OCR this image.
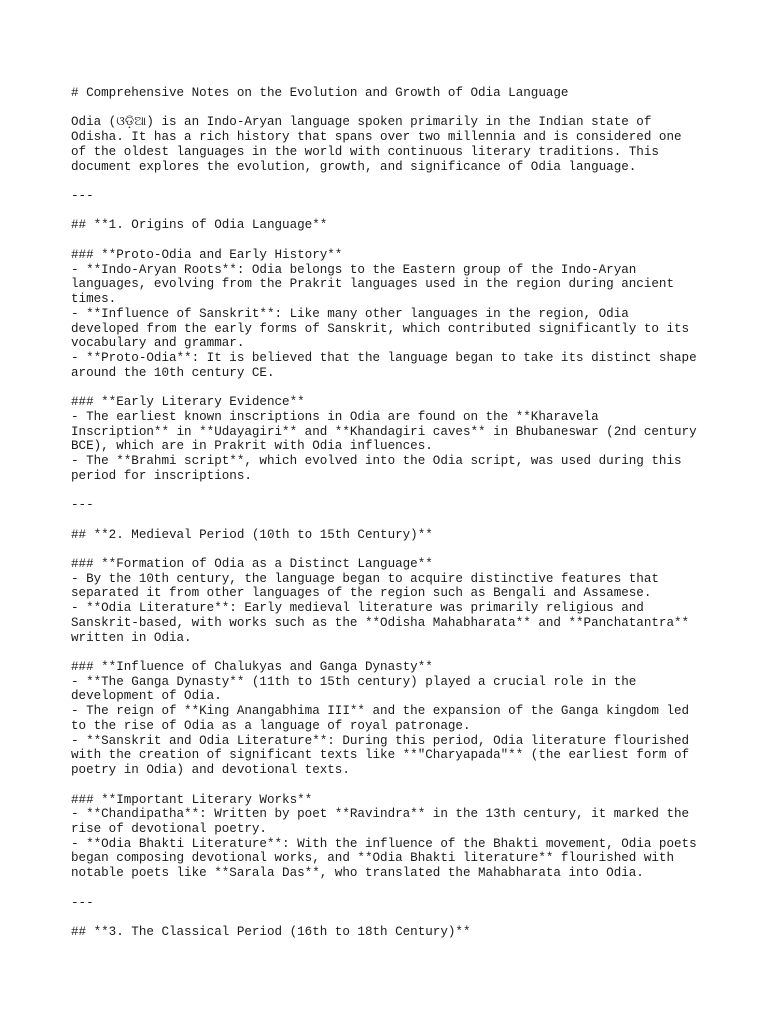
# Comprehensive Notes on the Evolution and Growth of Odia Language
Odia (ଓଡ଼ିଆ) is an Indo-Aryan language spoken primarily in the Indian state of
Odisha. It has a rich history that spans over two millennia and is considered one
of the oldest languages in the world with continuous literary traditions. This
document explores the evolution, growth, and significance of Odia language.
---
## **1. Origins of Odia Language**
### **Proto-Odia and Early History**
- **Indo-Aryan Roots**: Odia belongs to the Eastern group of the Indo-Aryan
languages, evolving from the Prakrit languages used in the region during ancient
times.
- **Influence of Sanskrit**: Like many other languages in the region, Odia
developed from the early forms of Sanskrit, which contributed significantly to its
vocabulary and grammar.
- **Proto-Odia**: It is believed that the language began to take its distinct shape
around the 10th century CE.
### **Early Literary Evidence**
- The earliest known inscriptions in Odia are found on the **Kharavela
Inscription** in **Udayagiri** and **Khandagiri caves** in Bhubaneswar (2nd century
BCE), which are in Prakrit with Odia influences.
- The **Brahmi script**, which evolved into the Odia script, was used during this
period for inscriptions.
---
## **2. Medieval Period (10th to 15th Century)**
### **Formation of Odia as a Distinct Language**
- By the 10th century, the language began to acquire distinctive features that
separated it from other languages of the region such as Bengali and Assamese.
- **Odia Literature**: Early medieval literature was primarily religious and
Sanskrit-based, with works such as the **Odisha Mahabharata** and **Panchatantra**
written in Odia.
### **Influence of Chalukyas and Ganga Dynasty**
- **The Ganga Dynasty** (11th to 15th century) played a crucial role in the
development of Odia.
- The reign of **King Anangabhima III** and the expansion of the Ganga kingdom led
to the rise of Odia as a language of royal patronage.
- **Sanskrit and Odia Literature**: During this period, Odia literature flourished
with the creation of significant texts like **"Charyapada"** (the earliest form of
poetry in Odia) and devotional texts.
### **Important Literary Works**
- **Chandipatha**: Written by poet **Ravindra** in the 13th century, it marked the
rise of devotional poetry.
- **Odia Bhakti Literature**: With the influence of the Bhakti movement, Odia poets
began composing devotional works, and **Odia Bhakti literature** flourished with
notable poets like **Sarala Das**, who translated the Mahabharata into Odia.
---
## **3. The Classical Period (16th to 18th Century)**
